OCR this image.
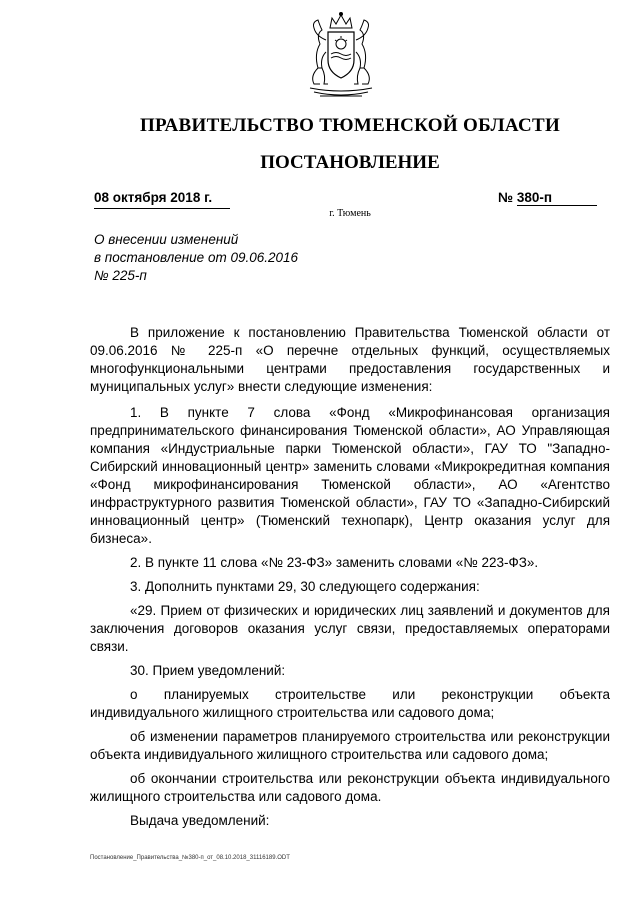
ПРАВИТЕЛЬСТВО ТЮМЕНСКОЙ ОБЛАСТИ
ПОСТАНОВЛЕНИЕ
08 октября 2018 г.	№ 380-п
г. Тюмень
О внесении изменений
в постановление от 09.06.2016
№ 225-п

В приложение к постановлению Правительства Тюменской области от 09.06.2016 № 225-п «О перечне отдельных функций, осуществляемых многофункциональными центрами предоставления государственных и муниципальных услуг» внести следующие изменения:

1. В пункте 7 слова «Фонд «Микрофинансовая организация предпринимательского финансирования Тюменской области», АО Управляющая компания «Индустриальные парки Тюменской области», ГАУ ТО "Западно-Сибирский инновационный центр» заменить словами «Микрокредитная компания «Фонд микрофинансирования Тюменской области», АО «Агентство инфраструктурного развития Тюменской области», ГАУ ТО «Западно-Сибирский инновационный центр» (Тюменский технопарк), Центр оказания услуг для бизнеса».

2. В пункте 11 слова «№ 23-ФЗ» заменить словами «№ 223-ФЗ».

3. Дополнить пунктами 29, 30 следующего содержания:

«29. Прием от физических и юридических лиц заявлений и документов для заключения договоров оказания услуг связи, предоставляемых операторами связи.

30. Прием уведомлений:

о планируемых строительстве или реконструкции объекта индивидуального жилищного строительства или садового дома;

об изменении параметров планируемого строительства или реконструкции объекта индивидуального жилищного строительства или садового дома;

об окончании строительства или реконструкции объекта индивидуального жилищного строительства или садового дома.

Выдача уведомлений:

Постановление_Правительства_№380-п_от_08.10.2018_31116189.ODT
